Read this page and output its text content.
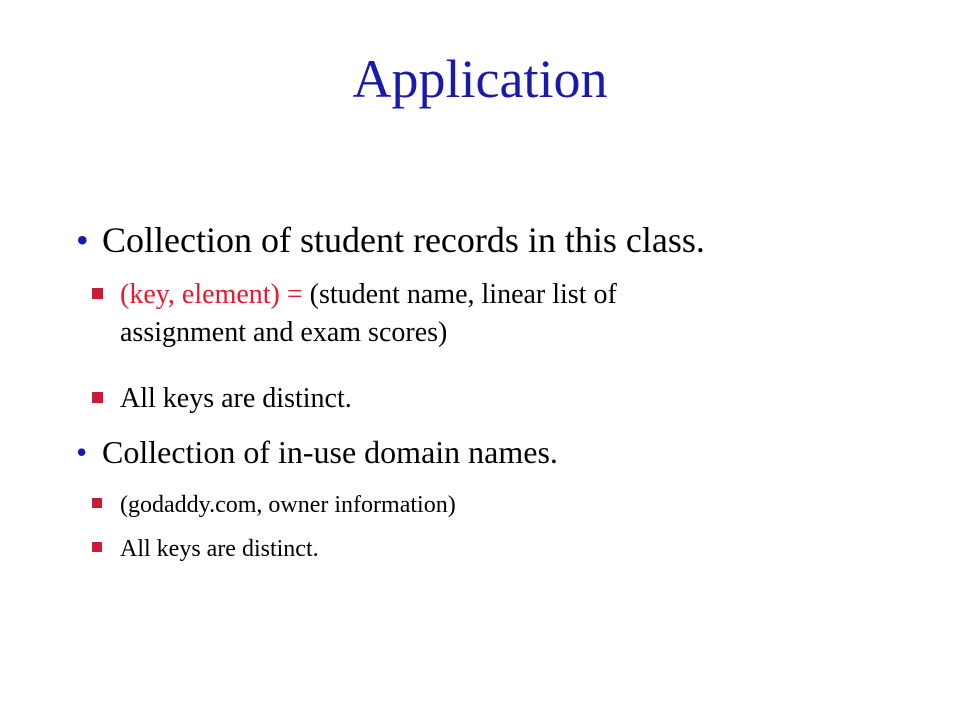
Application
• Collection of student records in this class.
(key, element) = (student name, linear list of
assignment and exam scores)
All keys are distinct.
• Collection of in-use domain names.
(godaddy.com, owner information)
All keys are distinct.
